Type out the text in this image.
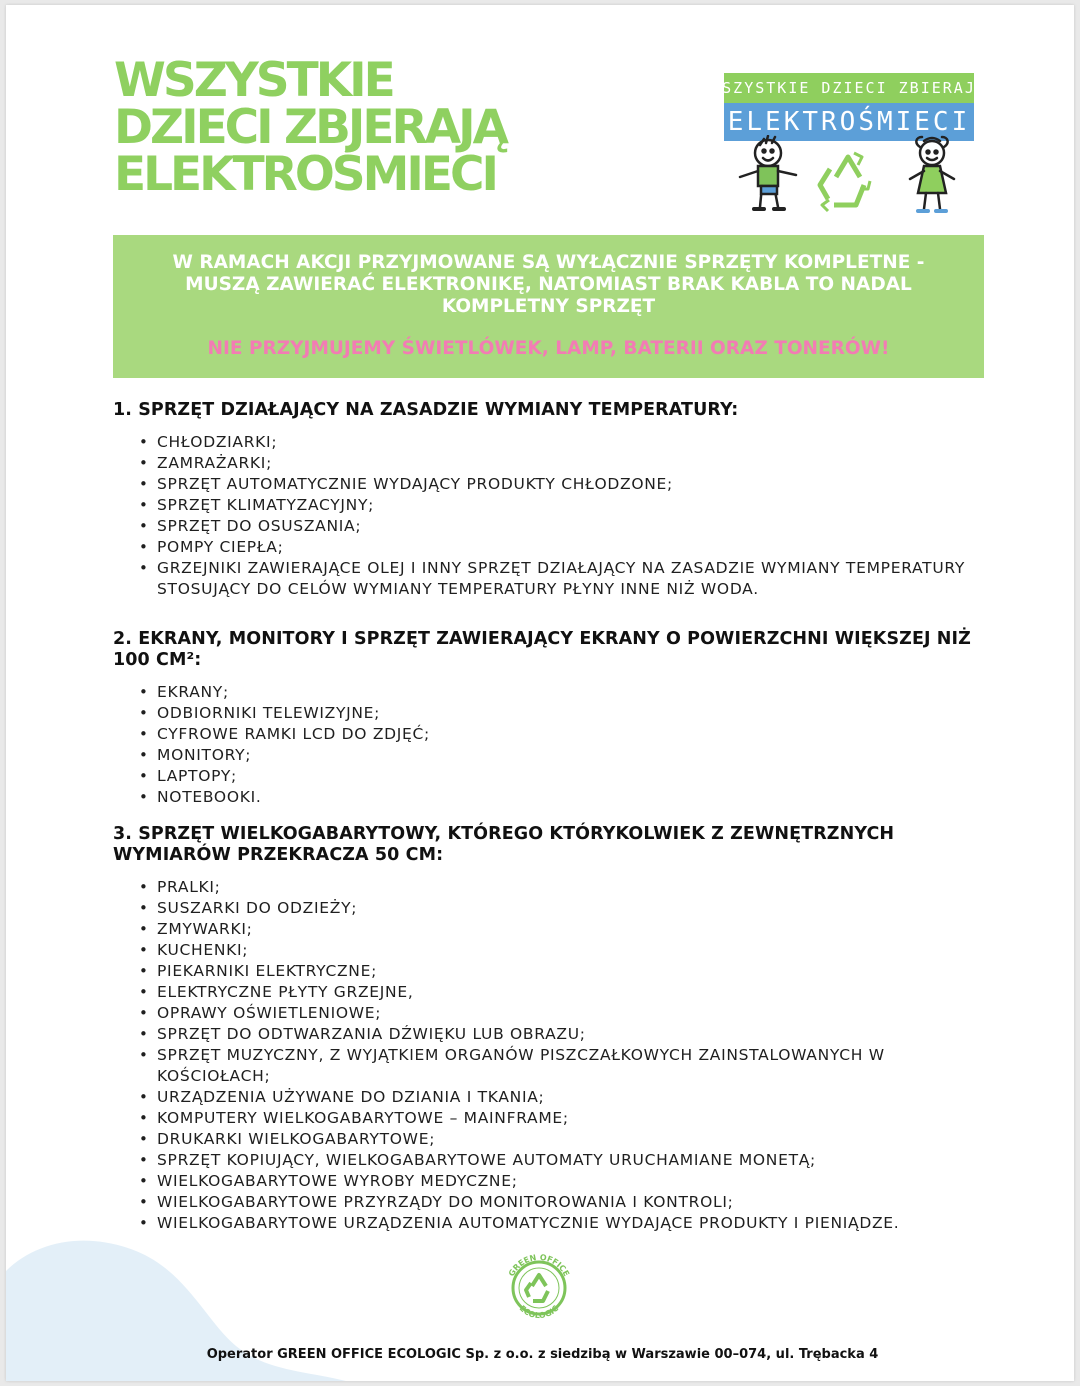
WSZYSTKIE
DZIECI ZBJERAJĄ
ELEKTROŚMIECI
WSZYSTKIE DZIECI ZBIERAJA
ELEKTROŚMIECI

W RAMACH AKCJI PRZYJMOWANE SĄ WYŁĄCZNIE SPRZĘTY KOMPLETNE - MUSZĄ ZAWIERAĆ ELEKTRONIKĘ, NATOMIAST BRAK KABLA TO NADAL KOMPLETNY SPRZĘT

NIE PRZYJMUJEMY ŚWIETLÓWEK, LAMP, BATERII ORAZ TONERÓW!

1. SPRZĘT DZIAŁAJĄCY NA ZASADZIE WYMIANY TEMPERATURY:
• CHŁODZIARKI;
• ZAMRAŻARKI;
• SPRZĘT AUTOMATYCZNIE WYDAJĄCY PRODUKTY CHŁODZONE;
• SPRZĘT KLIMATYZACYJNY;
• SPRZĘT DO OSUSZANIA;
• POMPY CIEPŁA;
• GRZEJNIKI ZAWIERAJĄCE OLEJ I INNY SPRZĘT DZIAŁAJĄCY NA ZASADZIE WYMIANY TEMPERATURY STOSUJĄCY DO CELÓW WYMIANY TEMPERATURY PŁYNY INNE NIŻ WODA.
2. EKRANY, MONITORY I SPRZĘT ZAWIERAJĄCY EKRANY O POWIERZCHNI WIĘKSZEJ NIŻ 100 CM²:
• EKRANY;
• ODBIORNIKI TELEWIZYJNE;
• CYFROWE RAMKI LCD DO ZDJĘĆ;
• MONITORY;
• LAPTOPY;
• NOTEBOOKI.
3. SPRZĘT WIELKOGABARYTOWY, KTÓREGO KTÓRYKOLWIEK Z ZEWNĘTRZNYCH WYMIARÓW PRZEKRACZA 50 CM:
• PRALKI;
• SUSZARKI DO ODZIEŻY;
• ZMYWARKI;
• KUCHENKI;
• PIEKARNIKI ELEKTRYCZNE;
• ELEKTRYCZNE PŁYTY GRZEJNE,
• OPRAWY OŚWIETLENIOWE;
• SPRZĘT DO ODTWARZANIA DŹWIĘKU LUB OBRAZU;
• SPRZĘT MUZYCZNY, Z WYJĄTKIEM ORGANÓW PISZCZAŁKOWYCH ZAINSTALOWANYCH W KOŚCIOŁACH;
• URZĄDZENIA UŻYWANE DO DZIANIA I TKANIA;
• KOMPUTERY WIELKOGABARYTOWE – MAINFRAME;
• DRUKARKI WIELKOGABARYTOWE;
• SPRZĘT KOPIUJĄCY, WIELKOGABARYTOWE AUTOMATY URUCHAMIANE MONETĄ;
• WIELKOGABARYTOWE WYROBY MEDYCZNE;
• WIELKOGABARYTOWE PRZYRZĄDY DO MONITOROWANIA I KONTROLI;
• WIELKOGABARYTOWE URZĄDZENIA AUTOMATYCZNIE WYDAJĄCE PRODUKTY I PIENIĄDZE.
GREEN OFFICE
ECOLOGIC
Operator GREEN OFFICE ECOLOGIC Sp. z o.o. z siedzibą w Warszawie 00–074, ul. Trębacka 4
